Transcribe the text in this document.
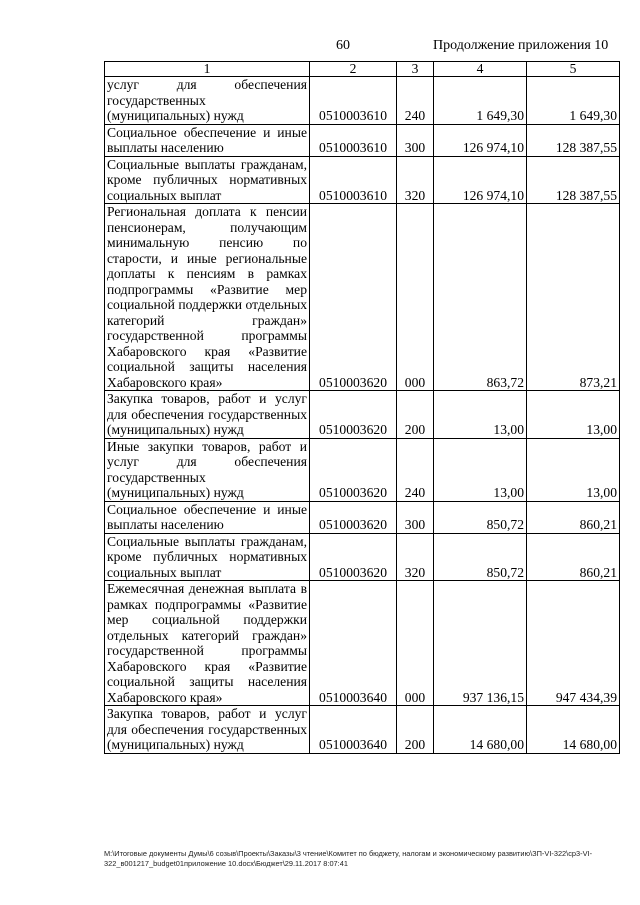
60	Продолжение приложения 10
1	2	3	4	5
услуг для обеспечения государственных (муниципальных) нужд	0510003610	240	1 649,30	1 649,30
Социальное обеспечение и иные выплаты населению	0510003610	300	126 974,10	128 387,55
Социальные выплаты гражданам, кроме публичных нормативных социальных выплат	0510003610	320	126 974,10	128 387,55
Региональная доплата к пенсии пенсионерам, получающим минимальную пенсию по старости, и иные региональные доплаты к пенсиям в рамках подпрограммы «Развитие мер социальной поддержки отдельных категорий граждан» государственной программы Хабаровского края «Развитие социальной защиты населения Хабаровского края»	0510003620	000	863,72	873,21
Закупка товаров, работ и услуг для обеспечения государственных (муниципальных) нужд	0510003620	200	13,00	13,00
Иные закупки товаров, работ и услуг для обеспечения государственных (муниципальных) нужд	0510003620	240	13,00	13,00
Социальное обеспечение и иные выплаты населению	0510003620	300	850,72	860,21
Социальные выплаты гражданам, кроме публичных нормативных социальных выплат	0510003620	320	850,72	860,21
Ежемесячная денежная выплата в рамках подпрограммы «Развитие мер социальной поддержки отдельных категорий граждан» государственной программы Хабаровского края «Развитие социальной защиты населения Хабаровского края»	0510003640	000	937 136,15	947 434,39
Закупка товаров, работ и услуг для обеспечения государственных (муниципальных) нужд	0510003640	200	14 680,00	14 680,00
M:\Итоговые документы Думы\6 созыв\Проекты\Заказы\3 чтение\Комитет по бюджету, налогам и экономическому развитию\ЗП-VI-322\ср3-VI-322_в001217_budget01приложение 10.docx\Бюджет\29.11.2017 8:07:41
